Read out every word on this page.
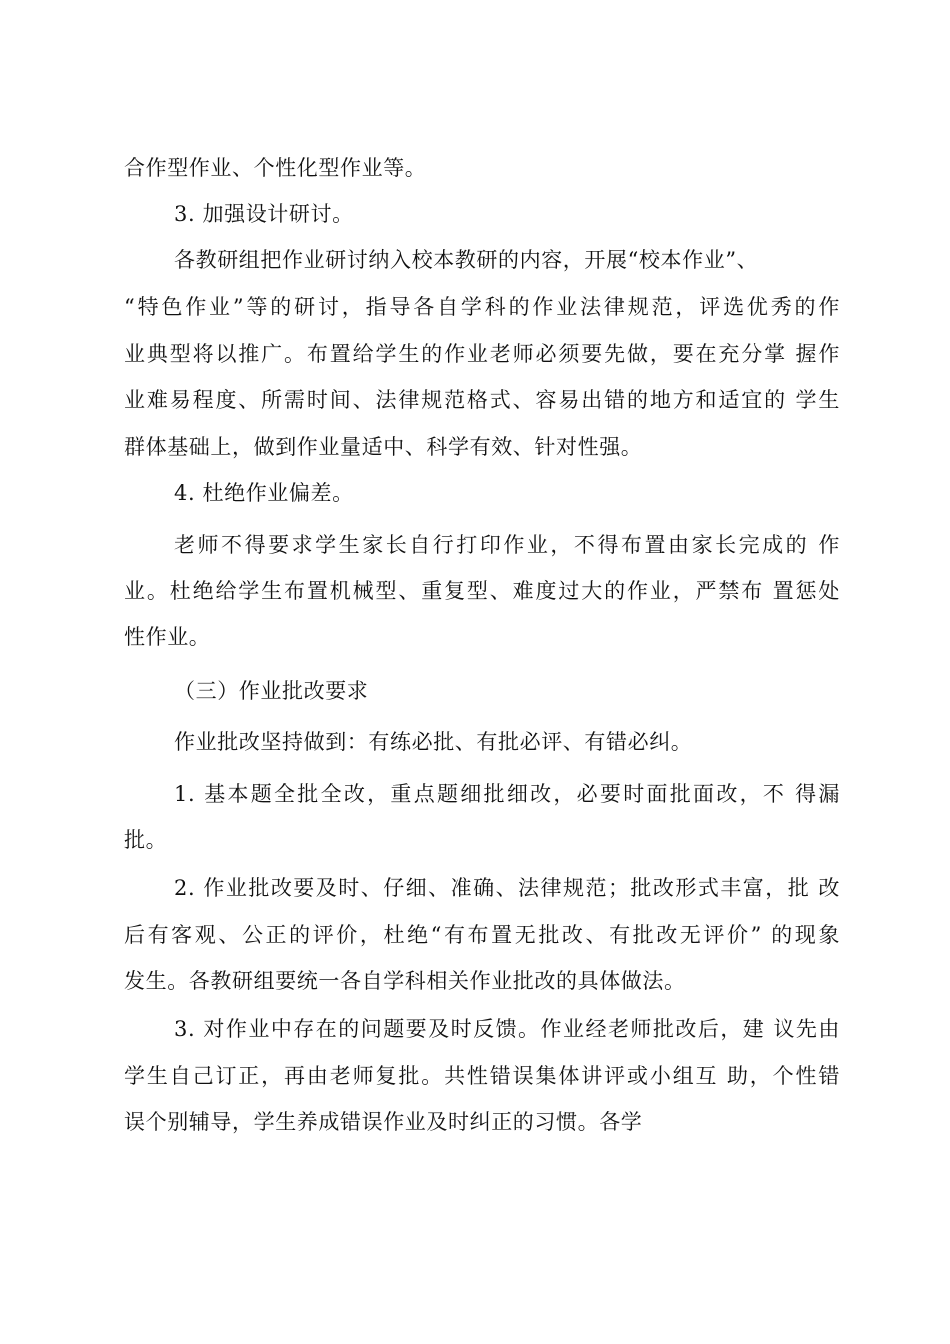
合作型作业、个性化型作业等。
3. 加强设计研讨。
各教研组把作业研讨纳入校本教研的内容，开展“校本作业”、
“特色作业”等的研讨，指导各自学科的作业法律规范，评选优秀的作
业典型将以推广。布置给学生的作业老师必须要先做，要在充分掌 握作
业难易程度、所需时间、法律规范格式、容易出错的地方和适宜的 学生
群体基础上，做到作业量适中、科学有效、针对性强。
4. 杜绝作业偏差。
老师不得要求学生家长自行打印作业，不得布置由家长完成的 作
业。杜绝给学生布置机械型、重复型、难度过大的作业，严禁布 置惩处
性作业。
（三）作业批改要求
作业批改坚持做到：有练必批、有批必评、有错必纠。
1. 基本题全批全改，重点题细批细改，必要时面批面改，不 得漏
批。
2. 作业批改要及时、仔细、准确、法律规范；批改形式丰富，批 改
后有客观、公正的评价，杜绝“有布置无批改、有批改无评价” 的现象
发生。各教研组要统一各自学科相关作业批改的具体做法。
3. 对作业中存在的问题要及时反馈。作业经老师批改后，建 议先由
学生自己订正，再由老师复批。共性错误集体讲评或小组互 助，个性错
误个别辅导，学生养成错误作业及时纠正的习惯。各学
